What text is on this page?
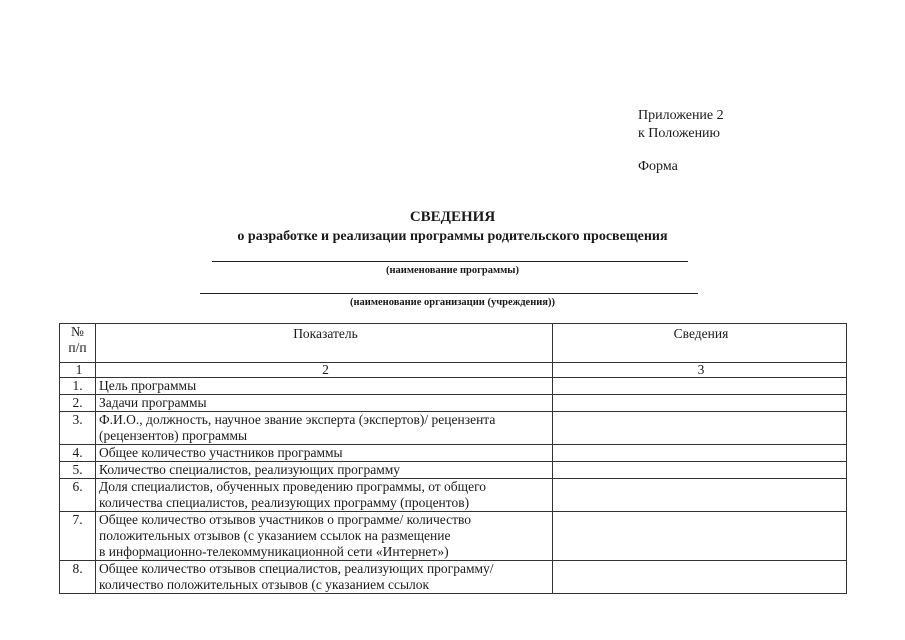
Приложение 2
к Положению
Форма
СВЕДЕНИЯ
о разработке и реализации программы родительского просвещения
(наименование программы)
(наименование организации (учреждения))
№
п/п	Показатель	Сведения
1	2	3
1.	Цель программы	

2.	Задачи программы	

3.	Ф.И.О., должность, научное звание эксперта (экспертов)/ рецензента
(рецензентов) программы	

4.	Общее количество участников программы	

5.	Количество специалистов, реализующих программу	

6.	Доля специалистов, обученных проведению программы, от общего
количества специалистов, реализующих программу (процентов)	

7.	Общее количество отзывов участников о программе/ количество
положительных отзывов (с указанием ссылок на размещение
в информационно-телекоммуникационной сети «Интернет»)	

8.	Общее количество отзывов специалистов, реализующих программу/
количество положительных отзывов (с указанием ссылок	
